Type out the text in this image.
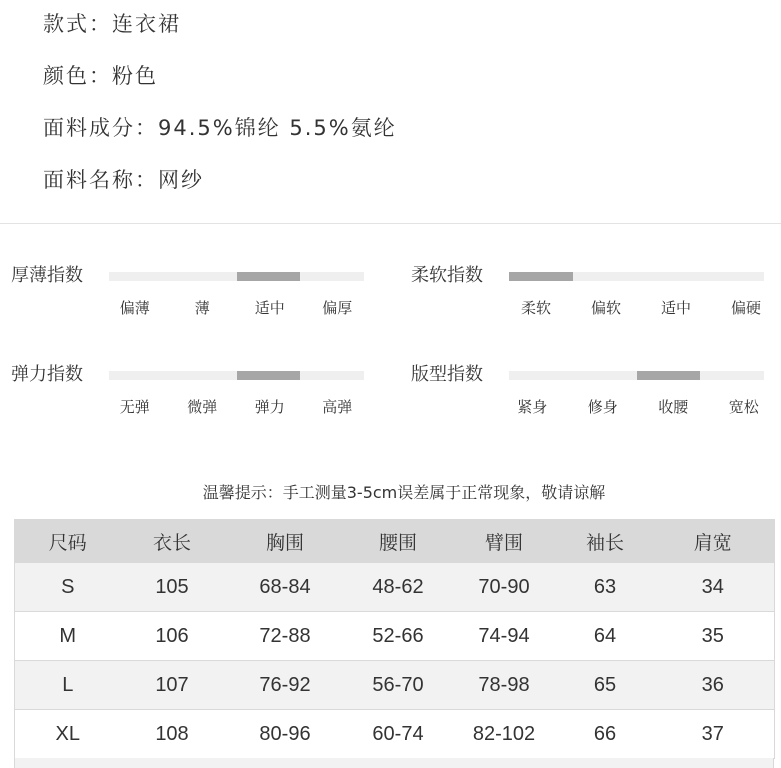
款式：连衣裙
颜色：粉色
面料成分：94.5%锦纶 5.5%氨纶
面料名称：网纱
厚薄指数
偏薄	薄	适中	偏厚
柔软指数
柔软	偏软	适中	偏硬
弹力指数
无弹	微弹	弹力	高弹
版型指数
紧身	修身	收腰	宽松
温馨提示：手工测量3-5cm误差属于正常现象，敬请谅解
尺码	衣长	胸围	腰围	臂围	袖长	肩宽
S	105	68-84	48-62	70-90	63	34
M	106	72-88	52-66	74-94	64	35
L	107	76-92	56-70	78-98	65	36
XL	108	80-96	60-74	82-102	66	37
